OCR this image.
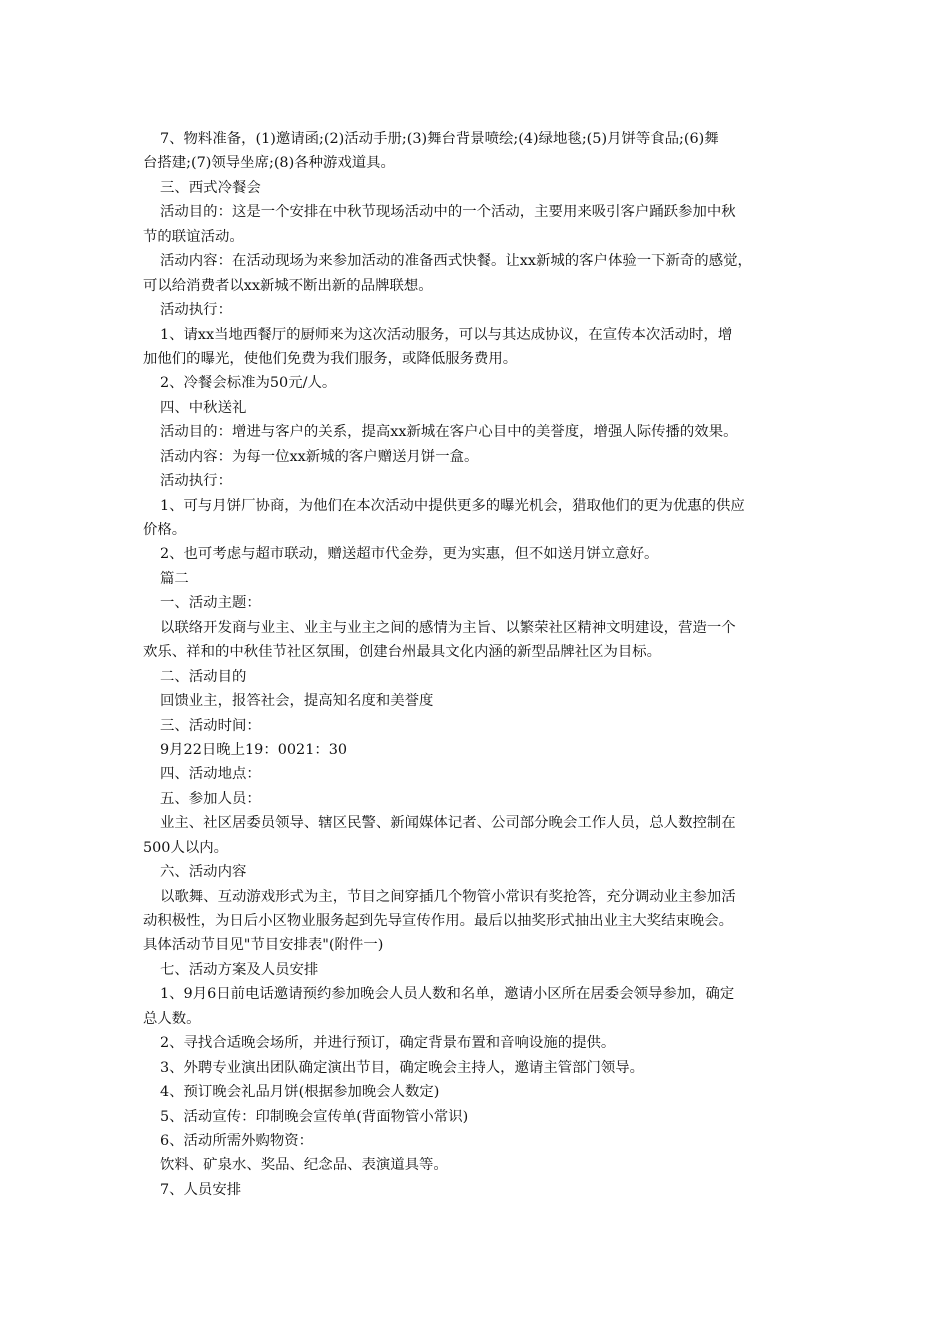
7、物料准备，(1)邀请函;(2)活动手册;(3)舞台背景喷绘;(4)绿地毯;(5)月饼等食品;(6)舞
台搭建;(7)领导坐席;(8)各种游戏道具。
三、西式冷餐会
活动目的：这是一个安排在中秋节现场活动中的一个活动，主要用来吸引客户踊跃参加中秋
节的联谊活动。
活动内容：在活动现场为来参加活动的准备西式快餐。让xx新城的客户体验一下新奇的感觉，
可以给消费者以xx新城不断出新的品牌联想。
活动执行：
1、请xx当地西餐厅的厨师来为这次活动服务，可以与其达成协议，在宣传本次活动时，增
加他们的曝光，使他们免费为我们服务，或降低服务费用。
2、冷餐会标准为50元/人。
四、中秋送礼
活动目的：增进与客户的关系，提高xx新城在客户心目中的美誉度，增强人际传播的效果。
活动内容：为每一位xx新城的客户赠送月饼一盒。
活动执行：
1、可与月饼厂协商，为他们在本次活动中提供更多的曝光机会，猎取他们的更为优惠的供应
价格。
2、也可考虑与超市联动，赠送超市代金券，更为实惠，但不如送月饼立意好。
篇二
一、活动主题：
以联络开发商与业主、业主与业主之间的感情为主旨、以繁荣社区精神文明建设，营造一个
欢乐、祥和的中秋佳节社区氛围，创建台州最具文化内涵的新型品牌社区为目标。
二、活动目的
回馈业主，报答社会，提高知名度和美誉度
三、活动时间：
9月22日晚上19：0021：30
四、活动地点：
五、参加人员：
业主、社区居委员领导、辖区民警、新闻媒体记者、公司部分晚会工作人员，总人数控制在
500人以内。
六、活动内容
以歌舞、互动游戏形式为主，节目之间穿插几个物管小常识有奖抢答，充分调动业主参加活
动积极性，为日后小区物业服务起到先导宣传作用。最后以抽奖形式抽出业主大奖结束晚会。
具体活动节目见"节目安排表"(附件一)
七、活动方案及人员安排
1、9月6日前电话邀请预约参加晚会人员人数和名单，邀请小区所在居委会领导参加，确定
总人数。
2、寻找合适晚会场所，并进行预订，确定背景布置和音响设施的提供。
3、外聘专业演出团队确定演出节目，确定晚会主持人，邀请主管部门领导。
4、预订晚会礼品月饼(根据参加晚会人数定)
5、活动宣传：印制晚会宣传单(背面物管小常识)
6、活动所需外购物资：
饮料、矿泉水、奖品、纪念品、表演道具等。
7、人员安排
